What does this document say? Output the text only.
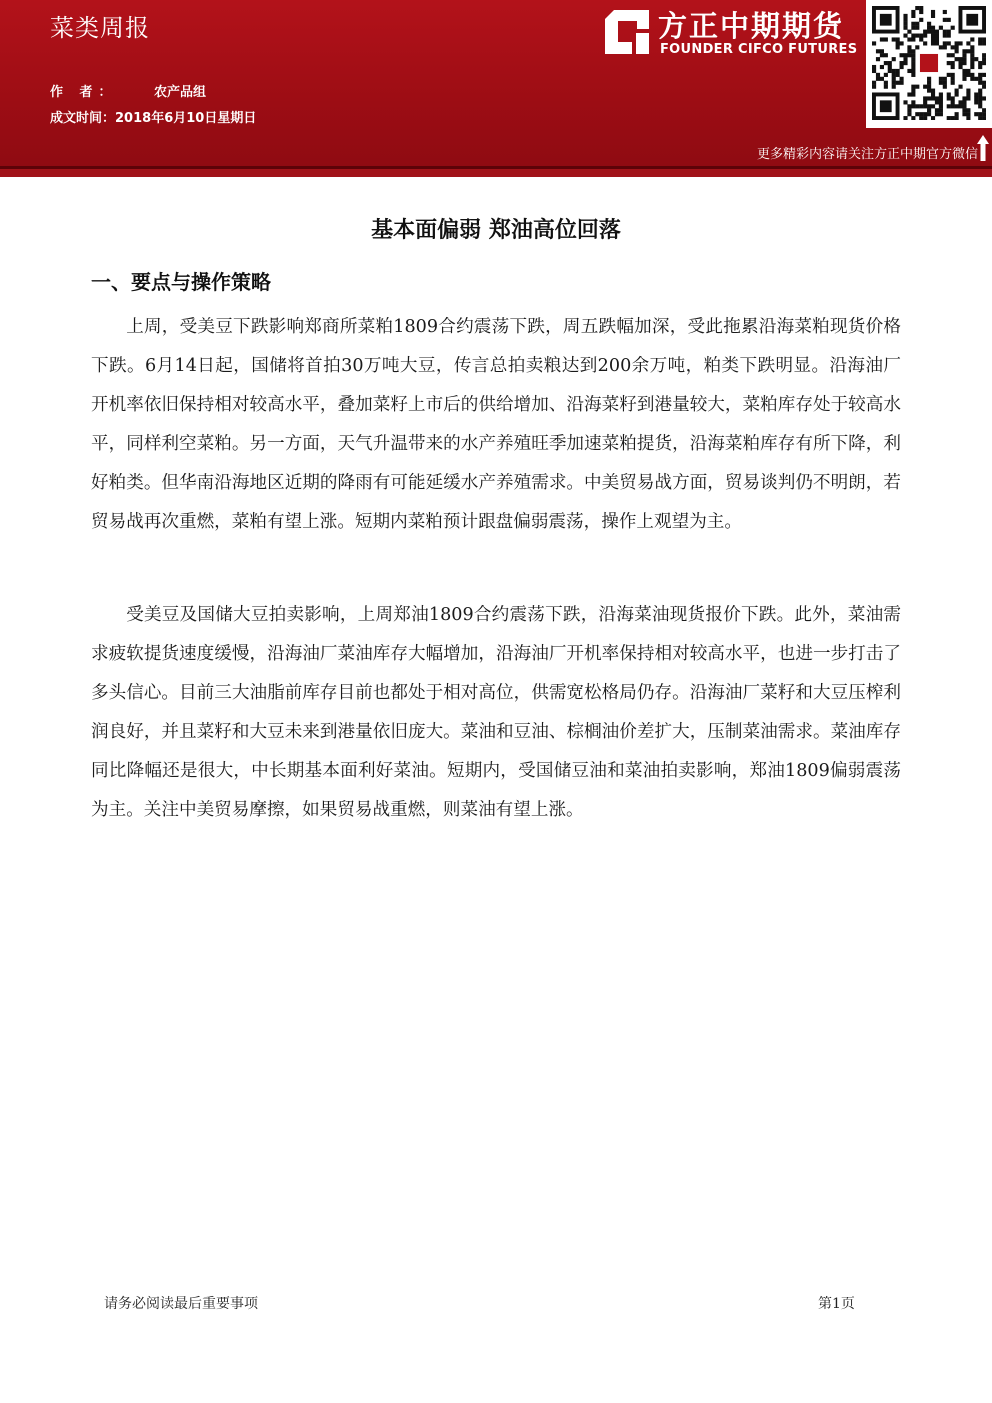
菜类周报
作 者：	农产品组
成文时间：2018年6月10日星期日
方正中期期货
FOUNDER CIFCO FUTURES
更多精彩内容请关注方正中期官方微信
基本面偏弱 郑油高位回落
一、要点与操作策略

上周，受美豆下跌影响郑商所菜粕1809合约震荡下跌，周五跌幅加深，受此拖累沿海菜粕现货价格下跌。6月14日起，国储将首拍30万吨大豆，传言总拍卖粮达到200余万吨，粕类下跌明显。沿海油厂开机率依旧保持相对较高水平，叠加菜籽上市后的供给增加、沿海菜籽到港量较大，菜粕库存处于较高水平，同样利空菜粕。另一方面，天气升温带来的水产养殖旺季加速菜粕提货，沿海菜粕库存有所下降，利好粕类。但华南沿海地区近期的降雨有可能延缓水产养殖需求。中美贸易战方面，贸易谈判仍不明朗，若贸易战再次重燃，菜粕有望上涨。短期内菜粕预计跟盘偏弱震荡，操作上观望为主。

受美豆及国储大豆拍卖影响，上周郑油1809合约震荡下跌，沿海菜油现货报价下跌。此外，菜油需求疲软提货速度缓慢，沿海油厂菜油库存大幅增加，沿海油厂开机率保持相对较高水平，也进一步打击了多头信心。目前三大油脂前库存目前也都处于相对高位，供需宽松格局仍存。沿海油厂菜籽和大豆压榨利润良好，并且菜籽和大豆未来到港量依旧庞大。菜油和豆油、棕榈油价差扩大，压制菜油需求。菜油库存同比降幅还是很大，中长期基本面利好菜油。短期内，受国储豆油和菜油拍卖影响，郑油1809偏弱震荡为主。关注中美贸易摩擦，如果贸易战重燃，则菜油有望上涨。

请务必阅读最后重要事项	第1页
